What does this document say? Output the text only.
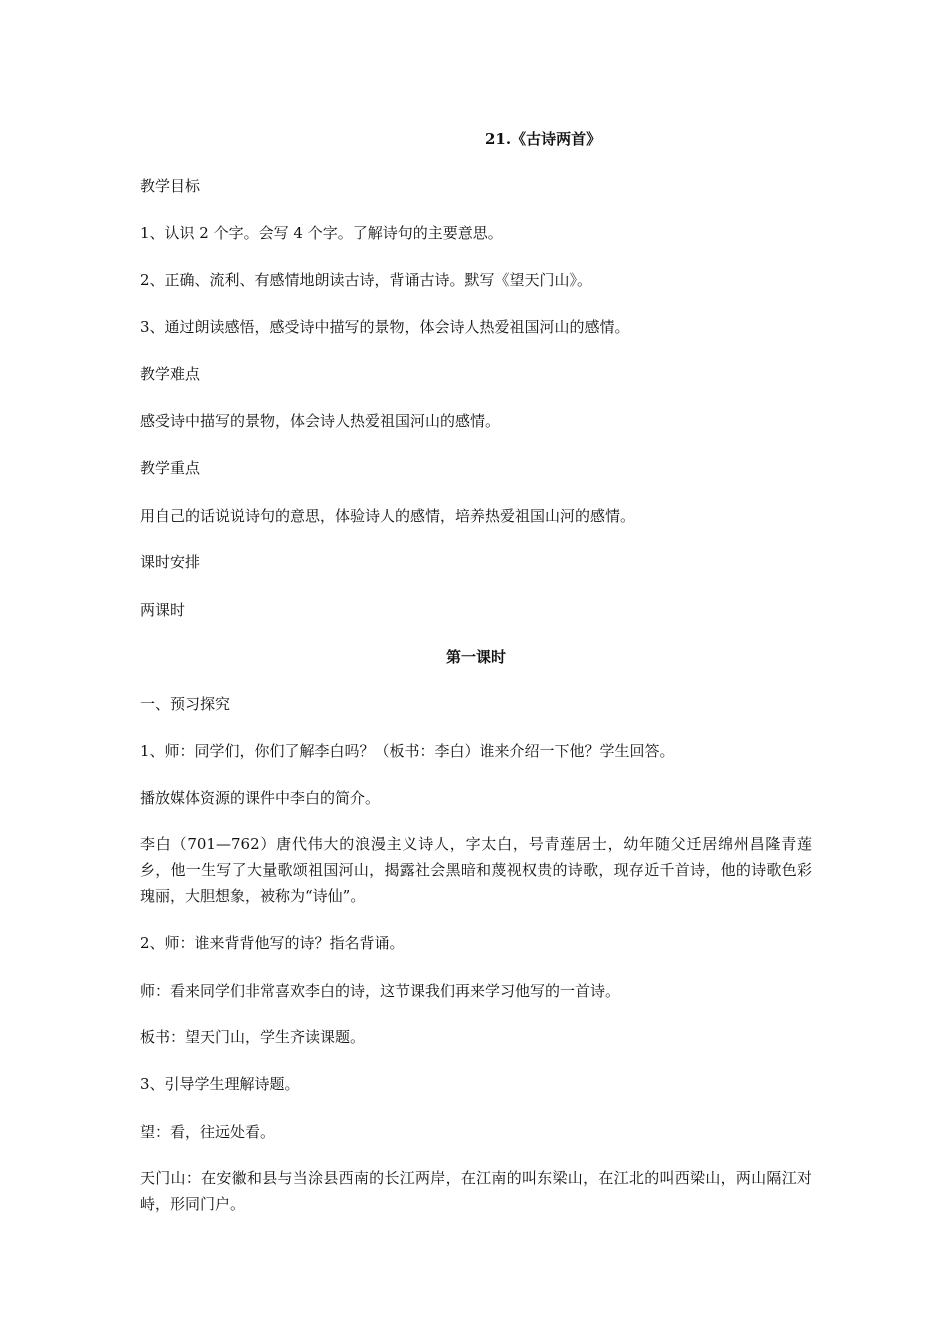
21.《古诗两首》
教学目标
1、认识 2 个字。会写 4 个字。了解诗句的主要意思。
2、正确、流利、有感情地朗读古诗，背诵古诗。默写《望天门山》。
3、通过朗读感悟，感受诗中描写的景物，体会诗人热爱祖国河山的感情。
教学难点
感受诗中描写的景物，体会诗人热爱祖国河山的感情。
教学重点
用自己的话说说诗句的意思，体验诗人的感情，培养热爱祖国山河的感情。
课时安排
两课时
第一课时
一、预习探究
1、师：同学们，你们了解李白吗？（板书：李白）谁来介绍一下他？学生回答。
播放媒体资源的课件中李白的简介。
李白（701—762）唐代伟大的浪漫主义诗人，字太白，号青莲居士，幼年随父迁居绵州昌隆青莲乡，他一生写了大量歌颂祖国河山，揭露社会黑暗和蔑视权贵的诗歌，现存近千首诗，他的诗歌色彩瑰丽，大胆想象，被称为“诗仙”。
2、师：谁来背背他写的诗？指名背诵。
师：看来同学们非常喜欢李白的诗，这节课我们再来学习他写的一首诗。
板书：望天门山，学生齐读课题。
3、引导学生理解诗题。
望：看，往远处看。
天门山：在安徽和县与当涂县西南的长江两岸，在江南的叫东梁山，在江北的叫西梁山，两山隔江对峙，形同门户。
